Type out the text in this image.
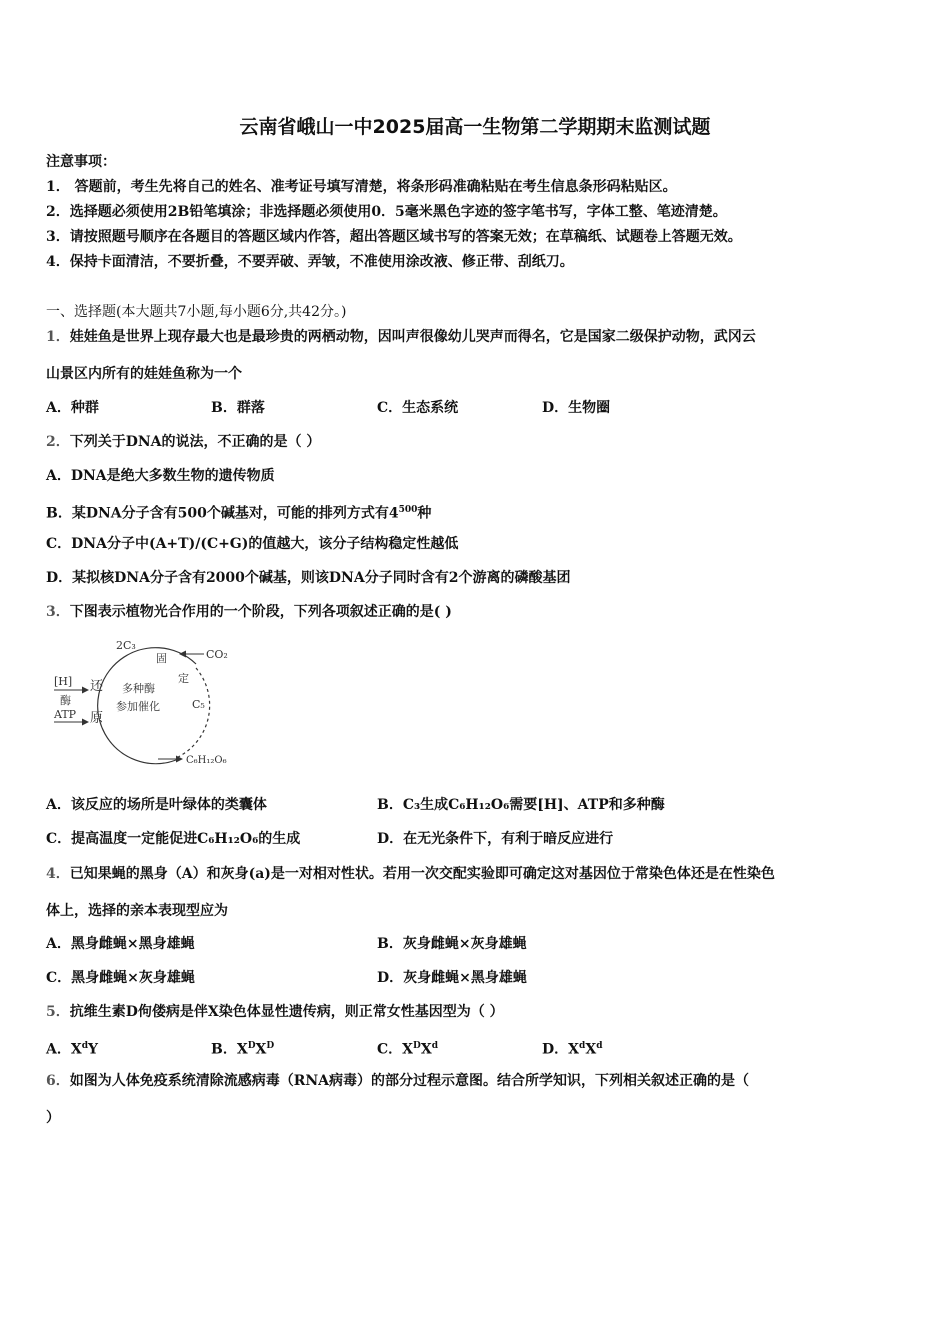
云南省峨山一中2025届高一生物第二学期期末监测试题
注意事项：
1． 答题前，考生先将自己的姓名、准考证号填写清楚，将条形码准确粘贴在考生信息条形码粘贴区。
2．选择题必须使用2B铅笔填涂；非选择题必须使用0．5毫米黑色字迹的签字笔书写，字体工整、笔迹清楚。
3．请按照题号顺序在各题目的答题区域内作答，超出答题区域书写的答案无效；在草稿纸、试题卷上答题无效。
4．保持卡面清洁，不要折叠，不要弄破、弄皱，不准使用涂改液、修正带、刮纸刀。
一、选择题(本大题共7小题,每小题6分,共42分。)
1．娃娃鱼是世界上现存最大也是最珍贵的两栖动物，因叫声很像幼儿哭声而得名，它是国家二级保护动物，武冈云
山景区内所有的娃娃鱼称为一个
A．种群	B．群落	C．生态系统	D．生物圈
2．下列关于DNA的说法，不正确的是（ ）
A．DNA是绝大多数生物的遗传物质
B．某DNA分子含有500个碱基对，可能的排列方式有$4^{500}$种
C．DNA分子中(A+T)/(C+G)的值越大，该分子结构稳定性越低
D．某拟核DNA分子含有2000个碱基，则该DNA分子同时含有2个游离的磷酸基团
3．下图表示植物光合作用的一个阶段，下列各项叙述正确的是( )
2C₃
固
定
CO₂
[H]
酶
ATP
还
原
多种酶
参加催化	C₅
C₆H₁₂O₆
A．该反应的场所是叶绿体的类囊体	B．C₃生成C₆H₁₂O₆需要[H]、ATP和多种酶
C．提高温度一定能促进C₆H₁₂O₆的生成	D．在无光条件下，有利于暗反应进行
4．已知果蝇的黑身（A）和灰身(a)是一对相对性状。若用一次交配实验即可确定这对基因位于常染色体还是在性染色
体上，选择的亲本表现型应为
A．黑身雌蝇×黑身雄蝇	B．灰身雌蝇×灰身雄蝇
C．黑身雌蝇×灰身雄蝇	D．灰身雌蝇×黑身雄蝇
5．抗维生素D佝偻病是伴X染色体显性遗传病，则正常女性基因型为（ ）
A．$X^dY$	B．$X^DX^D$	C．$X^DX^d$	D．$X^dX^d$
6．如图为人体免疫系统清除流感病毒（RNA病毒）的部分过程示意图。结合所学知识，下列相关叙述正确的是（
）
